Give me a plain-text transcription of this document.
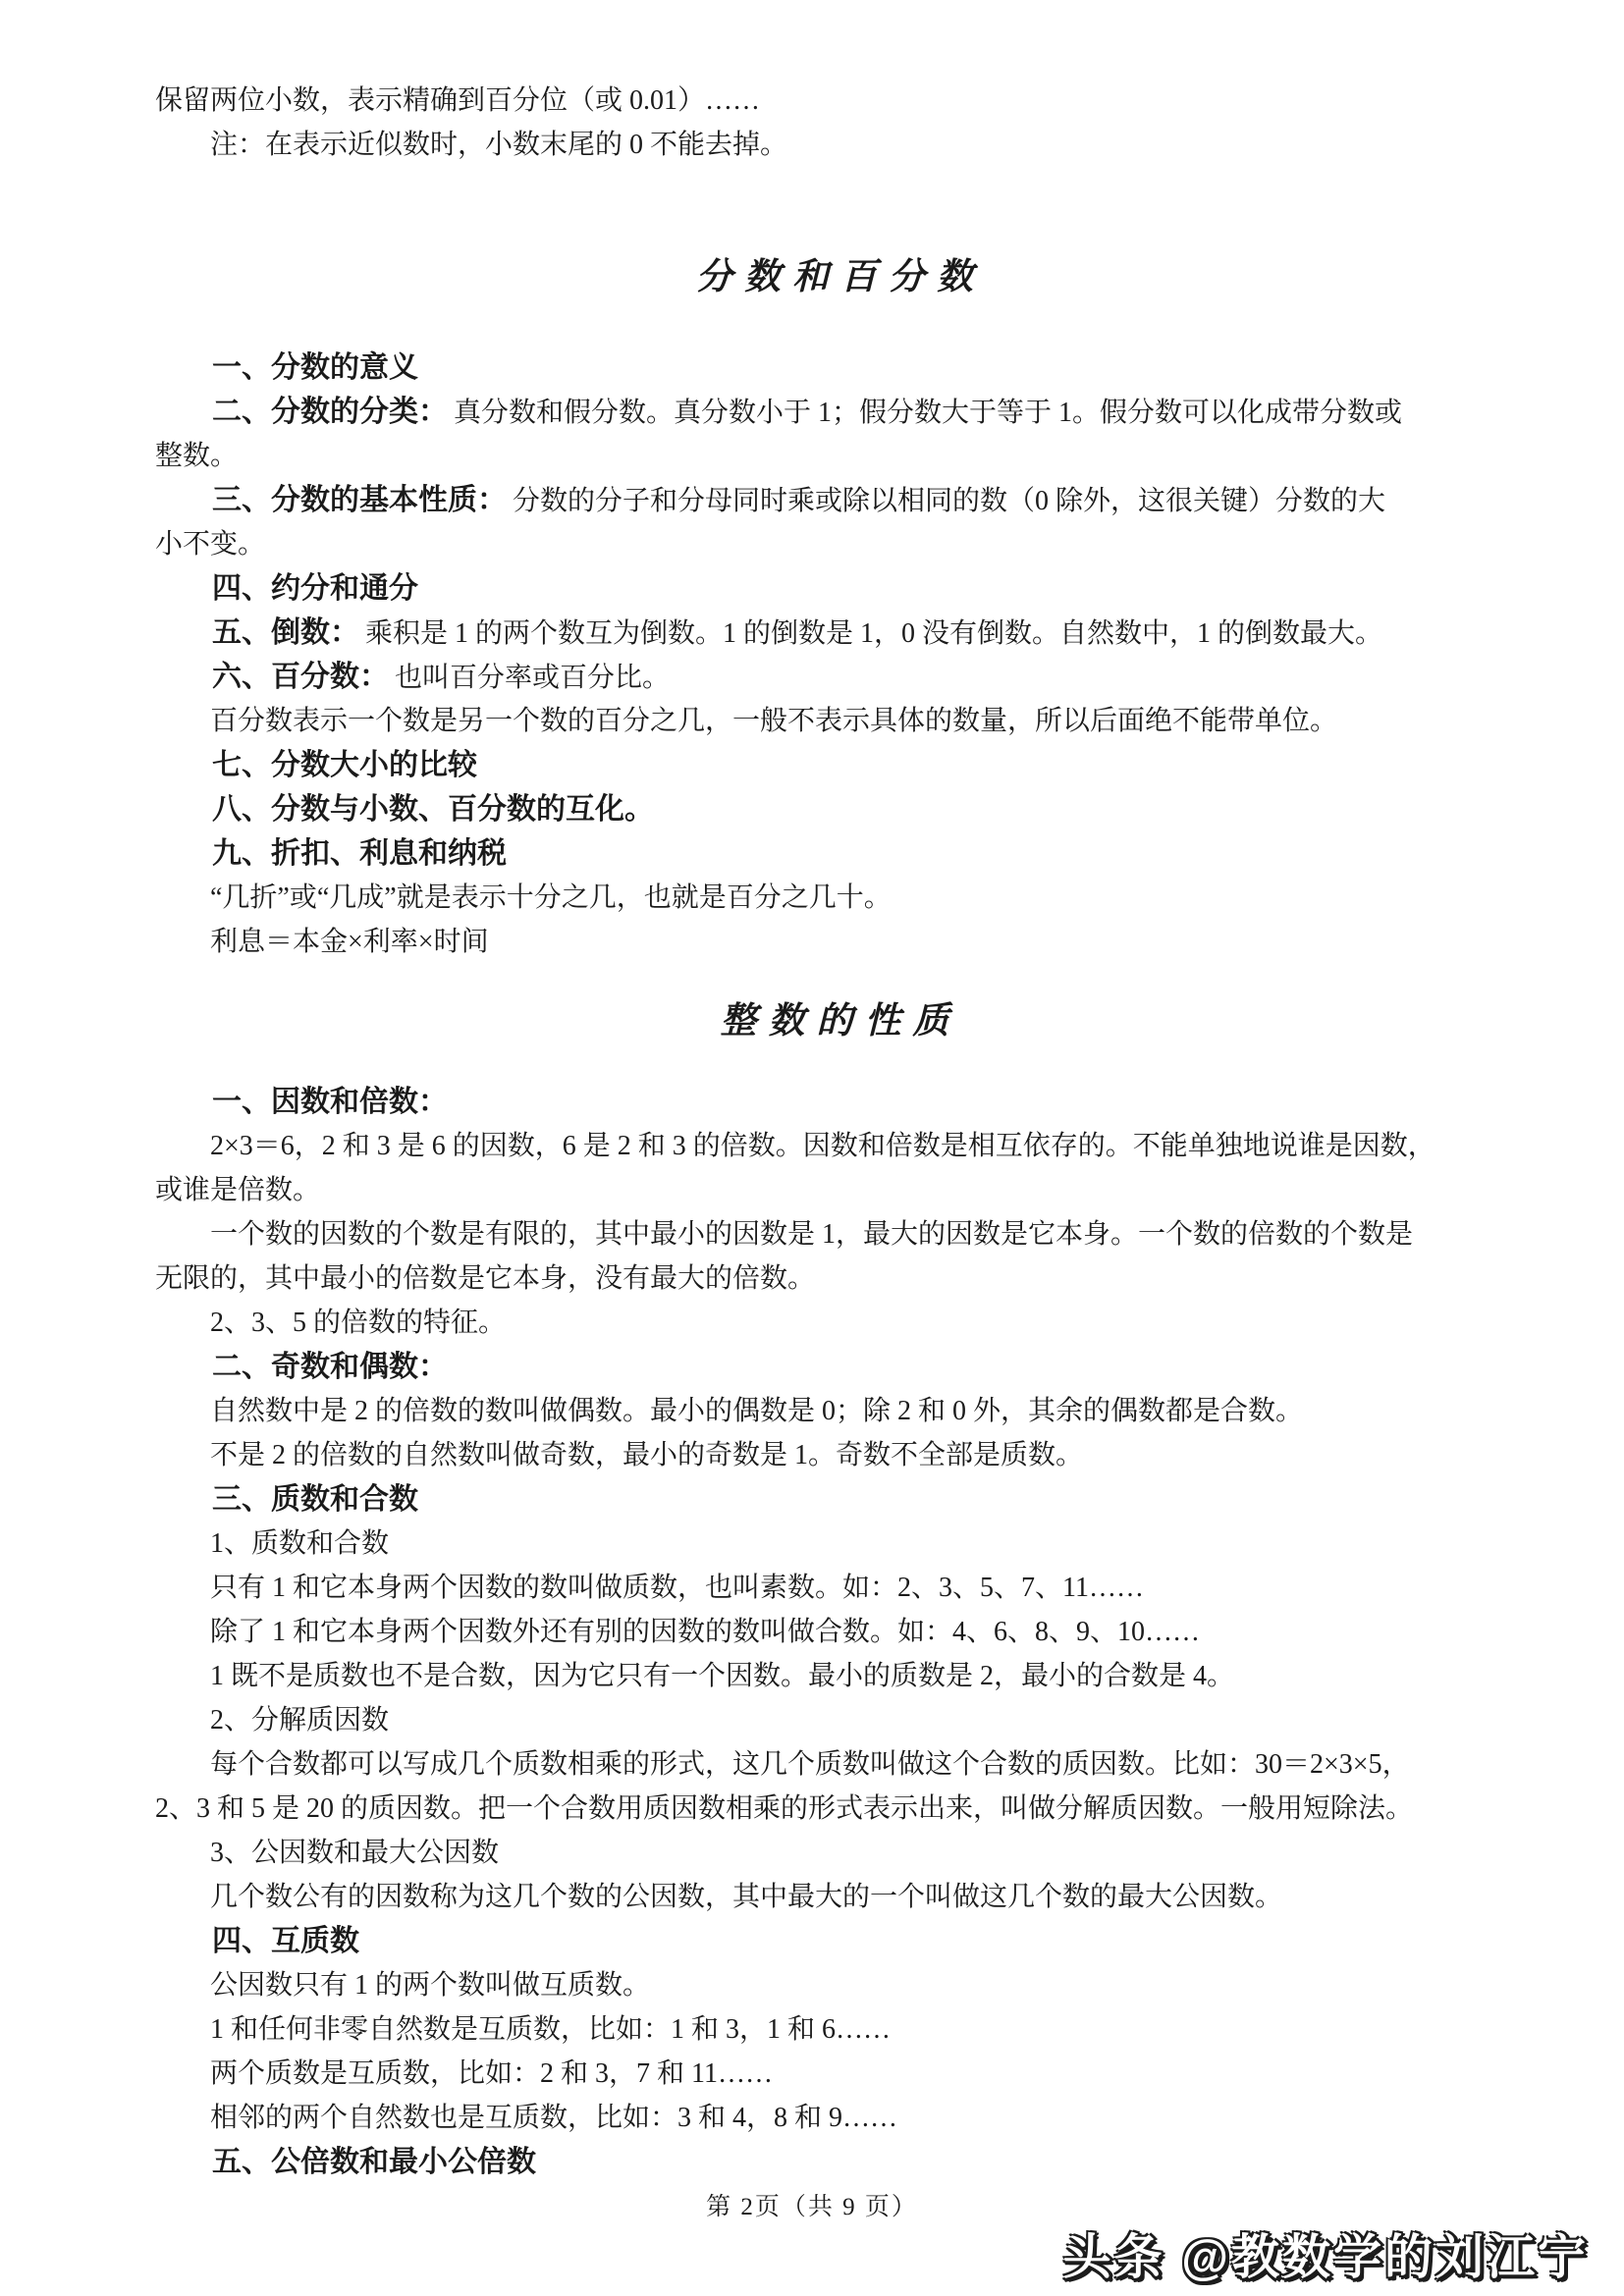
保留两位小数，表示精确到百分位（或 0.01）……
注：在表示近似数时，小数末尾的 0 不能去掉。
分数和百分数
一、分数的意义
二、分数的分类： 真分数和假分数。真分数小于 1；假分数大于等于 1。假分数可以化成带分数或
整数。
三、分数的基本性质： 分数的分子和分母同时乘或除以相同的数（0 除外，这很关键）分数的大
小不变。
四、约分和通分
五、倒数： 乘积是 1 的两个数互为倒数。1 的倒数是 1，0 没有倒数。自然数中，1 的倒数最大。
六、百分数： 也叫百分率或百分比。
百分数表示一个数是另一个数的百分之几，一般不表示具体的数量，所以后面绝不能带单位。
七、分数大小的比较
八、分数与小数、百分数的互化。
九、折扣、利息和纳税
“几折”或“几成”就是表示十分之几，也就是百分之几十。
利息＝本金×利率×时间
整数的性质
一、因数和倍数：
2×3＝6，2 和 3 是 6 的因数，6 是 2 和 3 的倍数。因数和倍数是相互依存的。不能单独地说谁是因数，
或谁是倍数。
一个数的因数的个数是有限的，其中最小的因数是 1，最大的因数是它本身。一个数的倍数的个数是
无限的，其中最小的倍数是它本身，没有最大的倍数。
2、3、5 的倍数的特征。
二、奇数和偶数：
自然数中是 2 的倍数的数叫做偶数。最小的偶数是 0；除 2 和 0 外，其余的偶数都是合数。
不是 2 的倍数的自然数叫做奇数，最小的奇数是 1。奇数不全部是质数。
三、质数和合数
1、质数和合数
只有 1 和它本身两个因数的数叫做质数，也叫素数。如：2、3、5、7、11……
除了 1 和它本身两个因数外还有别的因数的数叫做合数。如：4、6、8、9、10……
1 既不是质数也不是合数，因为它只有一个因数。最小的质数是 2，最小的合数是 4。
2、分解质因数
每个合数都可以写成几个质数相乘的形式，这几个质数叫做这个合数的质因数。比如：30＝2×3×5，
2、3 和 5 是 20 的质因数。把一个合数用质因数相乘的形式表示出来，叫做分解质因数。一般用短除法。
3、公因数和最大公因数
几个数公有的因数称为这几个数的公因数，其中最大的一个叫做这几个数的最大公因数。
四、互质数
公因数只有 1 的两个数叫做互质数。
1 和任何非零自然数是互质数，比如：1 和 3，1 和 6……
两个质数是互质数，比如：2 和 3，7 和 11……
相邻的两个自然数也是互质数，比如：3 和 4，8 和 9……
五、公倍数和最小公倍数
第 2页（共 9 页）
头条 @教数学的刘江宁
